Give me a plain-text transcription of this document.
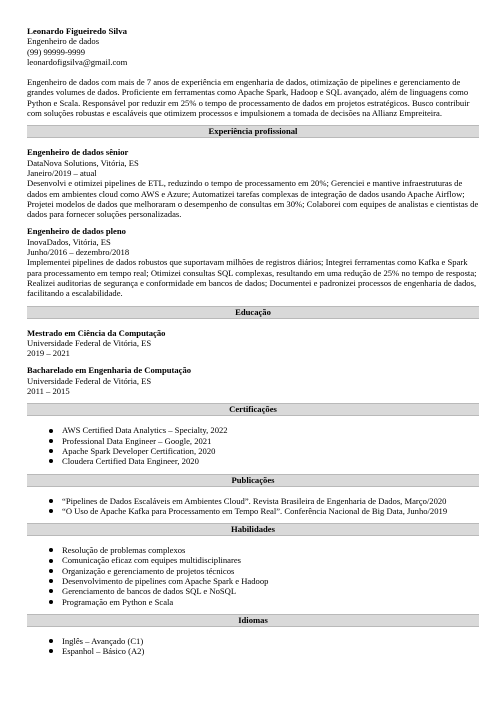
Leonardo Figueiredo Silva
Engenheiro de dados
(99) 99999-9999
leonardofigsilva@gmail.com
Engenheiro de dados com mais de 7 anos de experiência em engenharia de dados, otimização de pipelines e gerenciamento de grandes volumes de dados. Proficiente em ferramentas como Apache Spark, Hadoop e SQL avançado, além de linguagens como Python e Scala. Responsável por reduzir em 25% o tempo de processamento de dados em projetos estratégicos. Busco contribuir com soluções robustas e escaláveis que otimizem processos e impulsionem a tomada de decisões na Allianz Empreiteira.
Experiência profissional
Engenheiro de dados sênior
DataNova Solutions, Vitória, ES
Janeiro/2019 – atual
Desenvolvi e otimizei pipelines de ETL, reduzindo o tempo de processamento em 20%; Gerenciei e mantive infraestruturas de dados em ambientes cloud como AWS e Azure; Automatizei tarefas complexas de integração de dados usando Apache Airflow; Projetei modelos de dados que melhoraram o desempenho de consultas em 30%; Colaborei com equipes de analistas e cientistas de dados para fornecer soluções personalizadas.
Engenheiro de dados pleno
InovaDados, Vitória, ES
Junho/2016 – dezembro/2018
Implementei pipelines de dados robustos que suportavam milhões de registros diários; Integrei ferramentas como Kafka e Spark para processamento em tempo real; Otimizei consultas SQL complexas, resultando em uma redução de 25% no tempo de resposta; Realizei auditorias de segurança e conformidade em bancos de dados; Documentei e padronizei processos de engenharia de dados, facilitando a escalabilidade.
Educação
Mestrado em Ciência da Computação
Universidade Federal de Vitória, ES
2019 – 2021
Bacharelado em Engenharia de Computação
Universidade Federal de Vitória, ES
2011 – 2015
Certificações
AWS Certified Data Analytics – Specialty, 2022
Professional Data Engineer – Google, 2021
Apache Spark Developer Certification, 2020
Cloudera Certified Data Engineer, 2020
Publicações
“Pipelines de Dados Escaláveis em Ambientes Cloud”. Revista Brasileira de Engenharia de Dados, Março/2020
“O Uso de Apache Kafka para Processamento em Tempo Real”. Conferência Nacional de Big Data, Junho/2019
Habilidades
Resolução de problemas complexos
Comunicação eficaz com equipes multidisciplinares
Organização e gerenciamento de projetos técnicos
Desenvolvimento de pipelines com Apache Spark e Hadoop
Gerenciamento de bancos de dados SQL e NoSQL
Programação em Python e Scala
Idiomas
Inglês – Avançado (C1)
Espanhol – Básico (A2)
